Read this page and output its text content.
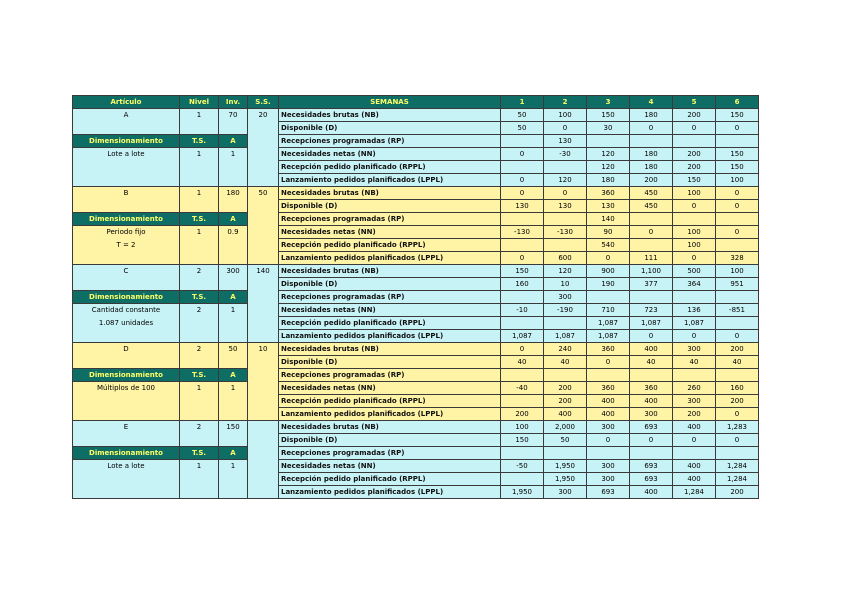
Artículo	Nivel	Inv.	S.S.	SEMANAS	1	2	3	4	5	6
A	1	70	20	Necesidades brutas (NB)	50	100	150	180	200	150
				Disponible (D)	50	0	30	0	0	0
Dimensionamiento	T.S.	A		Recepciones programadas (RP)		130				
Lote a lote	1	1		Necesidades netas (NN)	0	-30	120	180	200	150
				Recepción pedido planificado (RPPL)			120	180	200	150
				Lanzamiento pedidos planificados (LPPL)	0	120	180	200	150	100
B	1	180	50	Necesidades brutas (NB)	0	0	360	450	100	0
				Disponible (D)	130	130	130	450	0	0
Dimensionamiento	T.S.	A		Recepciones programadas (RP)			140			
Periodo fijo	1	0.9		Necesidades netas (NN)	-130	-130	90	0	100	0
T = 2				Recepción pedido planificado (RPPL)			540		100	
				Lanzamiento pedidos planificados (LPPL)	0	600	0	111	0	328
C	2	300	140	Necesidades brutas (NB)	150	120	900	1,100	500	100
				Disponible (D)	160	10	190	377	364	951
Dimensionamiento	T.S.	A		Recepciones programadas (RP)		300				
Cantidad constante	2	1		Necesidades netas (NN)	-10	-190	710	723	136	-851
1.087 unidades				Recepción pedido planificado (RPPL)			1,087	1,087	1,087	
				Lanzamiento pedidos planificados (LPPL)	1,087	1,087	1,087	0	0	0
D	2	50	10	Necesidades brutas (NB)	0	240	360	400	300	200
				Disponible (D)	40	40	0	40	40	40
Dimensionamiento	T.S.	A		Recepciones programadas (RP)						
Múltiplos de 100	1	1		Necesidades netas (NN)	-40	200	360	360	260	160
				Recepción pedido planificado (RPPL)		200	400	400	300	200
				Lanzamiento pedidos planificados (LPPL)	200	400	400	300	200	0
E	2	150		Necesidades brutas (NB)	100	2,000	300	693	400	1,283
				Disponible (D)	150	50	0	0	0	0
Dimensionamiento	T.S.	A		Recepciones programadas (RP)						
Lote a lote	1	1		Necesidades netas (NN)	-50	1,950	300	693	400	1,284
				Recepción pedido planificado (RPPL)		1,950	300	693	400	1,284
				Lanzamiento pedidos planificados (LPPL)	1,950	300	693	400	1,284	200
